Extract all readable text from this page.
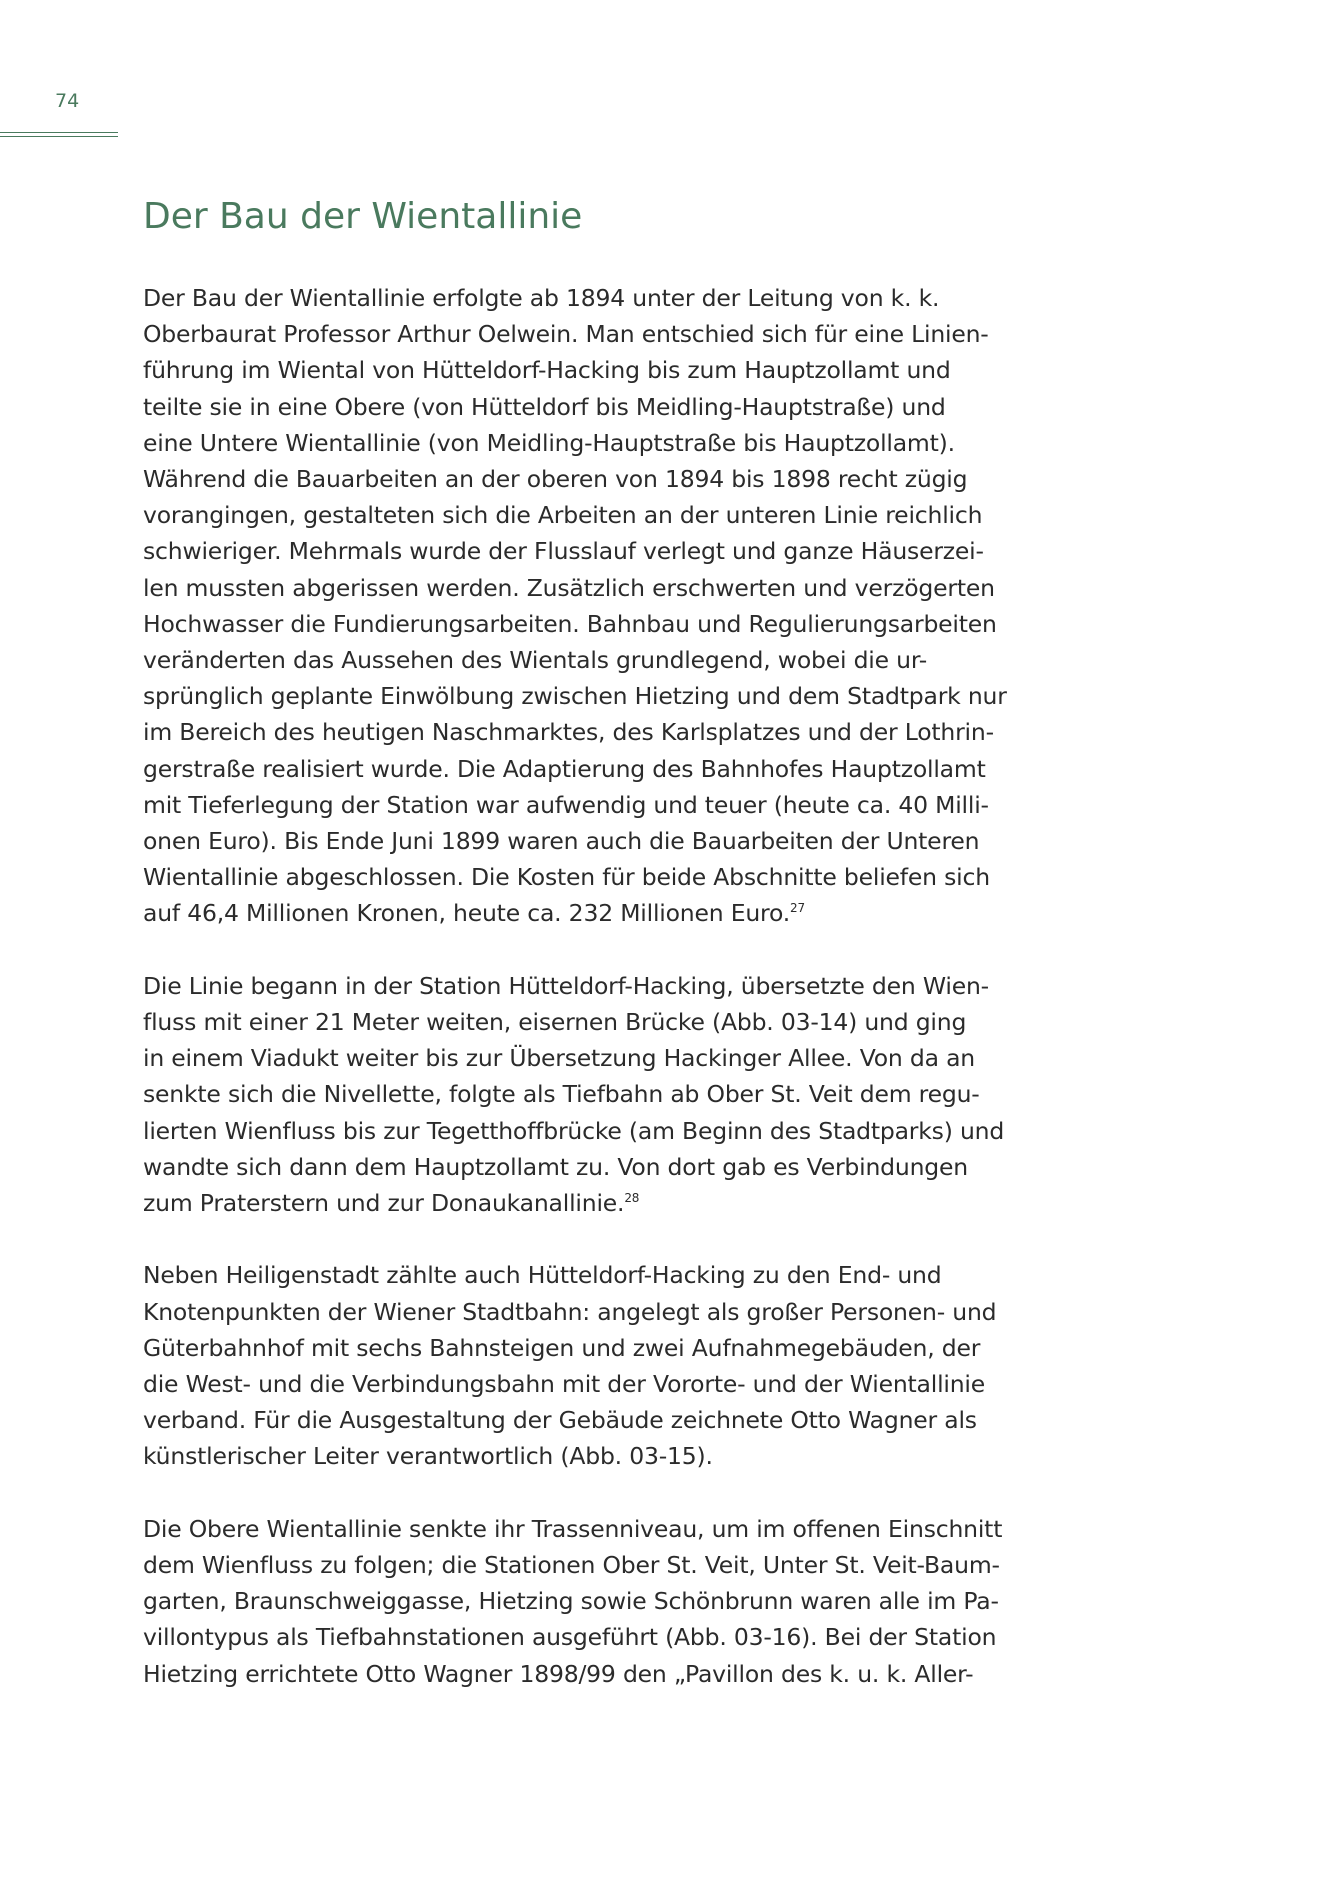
74
Der Bau der Wientallinie

Der Bau der Wientallinie erfolgte ab 1894 unter der Leitung von k. k.
Oberbaurat Professor Arthur Oelwein. Man entschied sich für eine Linien-
führung im Wiental von Hütteldorf-Hacking bis zum Hauptzollamt und
teilte sie in eine Obere (von Hütteldorf bis Meidling-Hauptstraße) und
eine Untere Wientallinie (von Meidling-Hauptstraße bis Hauptzollamt).
Während die Bauarbeiten an der oberen von 1894 bis 1898 recht zügig
vorangingen, gestalteten sich die Arbeiten an der unteren Linie reichlich
schwieriger. Mehrmals wurde der Flusslauf verlegt und ganze Häuserzei-
len mussten abgerissen werden. Zusätzlich erschwerten und verzögerten
Hochwasser die Fundierungsarbeiten. Bahnbau und Regulierungsarbeiten
veränderten das Aussehen des Wientals grundlegend, wobei die ur-
sprünglich geplante Einwölbung zwischen Hietzing und dem Stadtpark nur
im Bereich des heutigen Naschmarktes, des Karlsplatzes und der Lothrin-
gerstraße realisiert wurde. Die Adaptierung des Bahnhofes Hauptzollamt
mit Tieferlegung der Station war aufwendig und teuer (heute ca. 40 Milli-
onen Euro). Bis Ende Juni 1899 waren auch die Bauarbeiten der Unteren
Wientallinie abgeschlossen. Die Kosten für beide Abschnitte beliefen sich
auf 46,4 Millionen Kronen, heute ca. 232 Millionen Euro.$^{27}$

Die Linie begann in der Station Hütteldorf-Hacking, übersetzte den Wien-
fluss mit einer 21 Meter weiten, eisernen Brücke (Abb. 03-14) und ging
in einem Viadukt weiter bis zur Übersetzung Hackinger Allee. Von da an
senkte sich die Nivellette, folgte als Tiefbahn ab Ober St. Veit dem regu-
lierten Wienfluss bis zur Tegetthoffbrücke (am Beginn des Stadtparks) und
wandte sich dann dem Hauptzollamt zu. Von dort gab es Verbindungen
zum Praterstern und zur Donaukanallinie.$^{28}$

Neben Heiligenstadt zählte auch Hütteldorf-Hacking zu den End- und
Knotenpunkten der Wiener Stadtbahn: angelegt als großer Personen- und
Güterbahnhof mit sechs Bahnsteigen und zwei Aufnahmegebäuden, der
die West- und die Verbindungsbahn mit der Vororte- und der Wientallinie
verband. Für die Ausgestaltung der Gebäude zeichnete Otto Wagner als
künstlerischer Leiter verantwortlich (Abb. 03-15).

Die Obere Wientallinie senkte ihr Trassenniveau, um im offenen Einschnitt
dem Wienfluss zu folgen; die Stationen Ober St. Veit, Unter St. Veit-Baum-
garten, Braunschweiggasse, Hietzing sowie Schönbrunn waren alle im Pa-
villontypus als Tiefbahnstationen ausgeführt (Abb. 03-16). Bei der Station
Hietzing errichtete Otto Wagner 1898/99 den „Pavillon des k. u. k. Aller-
